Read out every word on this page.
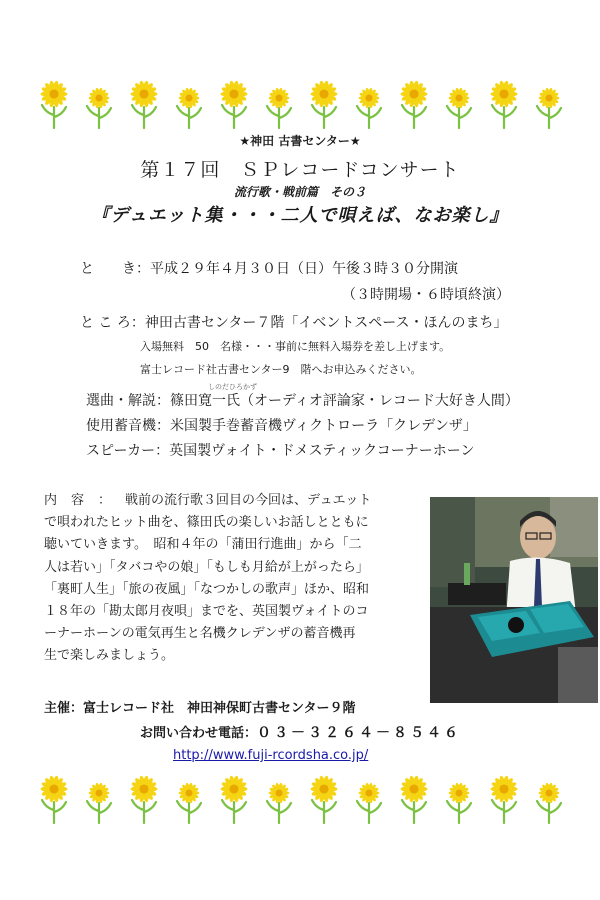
★神田 古書センター★
第１７回　ＳＰレコードコンサート
流行歌・戦前篇　その３
『デュエット集・・・二人で唄えば、なお楽し』
と　　き：平成２９年４月３０日（日）午後３時３０分開演
（３時開場・６時頃終演）
と こ ろ：神田古書センター７階「イベントスペース・ほんのまち」
入場無料　50　名様・・・事前に無料入場券を差し上げます。
富士レコード社古書センター9　階へお申込みください。
しのだひろかず
選曲・解説：篠田寛一氏（オーディオ評論家・レコード大好き人間）
使用蓄音機：米国製手巻蓄音機ヴィクトローラ「クレデンザ」
スピーカー：英国製ヴォイト・ドメスティックコーナーホーン
内容：戦前の流行歌３回目の今回は、デュエット
で唄われたヒット曲を、篠田氏の楽しいお話しとともに
聴いていきます。　昭和４年の「蒲田行進曲」から「二
人は若い」「タバコやの娘」「もしも月給が上がったら」
「裏町人生」「旅の夜風」「なつかしの歌声」ほか、昭和
１８年の「勘太郎月夜唄」までを、英国製ヴォイトのコ
ーナーホーンの電気再生と名機クレデンザの蓄音機再
生で楽しみましょう。
主催：富士レコード社　神田神保町古書センター９階
お問い合わせ電話：０３－３２６４－８５４６
http://www.fuji-rcordsha.co.jp/
